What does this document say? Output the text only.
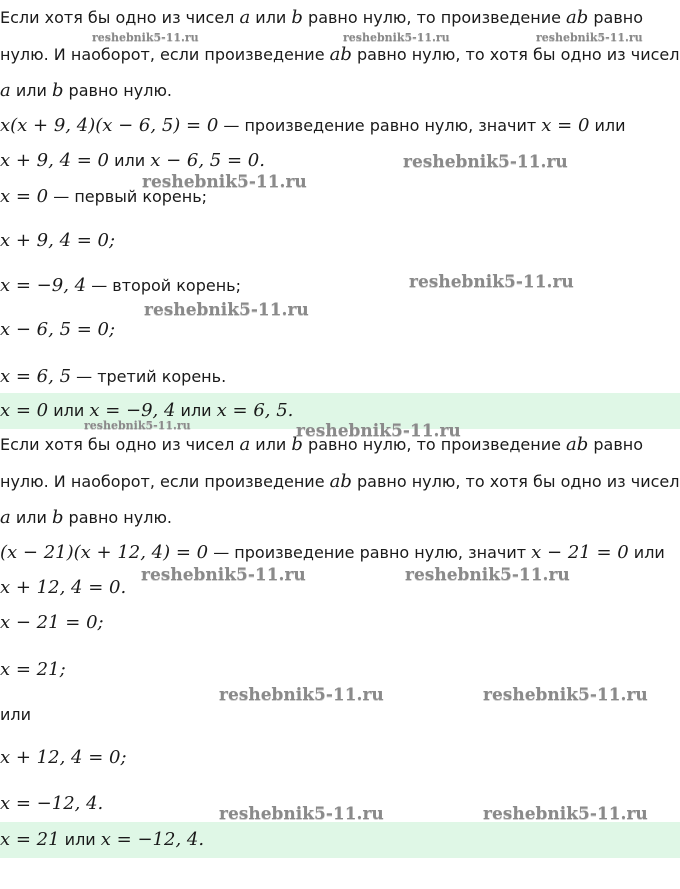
Если хотя бы одно из чисел a или b равно нулю, то произведение ab равно
нулю. И наоборот, если произведение ab равно нулю, то хотя бы одно из чисел
a или b равно нулю.
x(x + 9, 4)(x − 6, 5) = 0 — произведение равно нулю, значит x = 0 или
x + 9, 4 = 0 или x − 6, 5 = 0.
x = 0 — первый корень;
x + 9, 4 = 0;
x = −9, 4 — второй корень;
x − 6, 5 = 0;
x = 6, 5 — третий корень.
x = 0 или x = −9, 4 или x = 6, 5.
Если хотя бы одно из чисел a или b равно нулю, то произведение ab равно
нулю. И наоборот, если произведение ab равно нулю, то хотя бы одно из чисел
a или b равно нулю.
(x − 21)(x + 12, 4) = 0 — произведение равно нулю, значит x − 21 = 0 или
x + 12, 4 = 0.
x − 21 = 0;
x = 21;
или
x + 12, 4 = 0;
x = −12, 4.
x = 21 или x = −12, 4.
reshebnik5-11.ru	reshebnik5-11.ru	reshebnik5-11.ru
reshebnik5-11.ru
reshebnik5-11.ru
reshebnik5-11.ru
reshebnik5-11.ru
reshebnik5-11.ru	reshebnik5-11.ru
reshebnik5-11.ru	reshebnik5-11.ru
reshebnik5-11.ru	reshebnik5-11.ru
reshebnik5-11.ru	reshebnik5-11.ru
